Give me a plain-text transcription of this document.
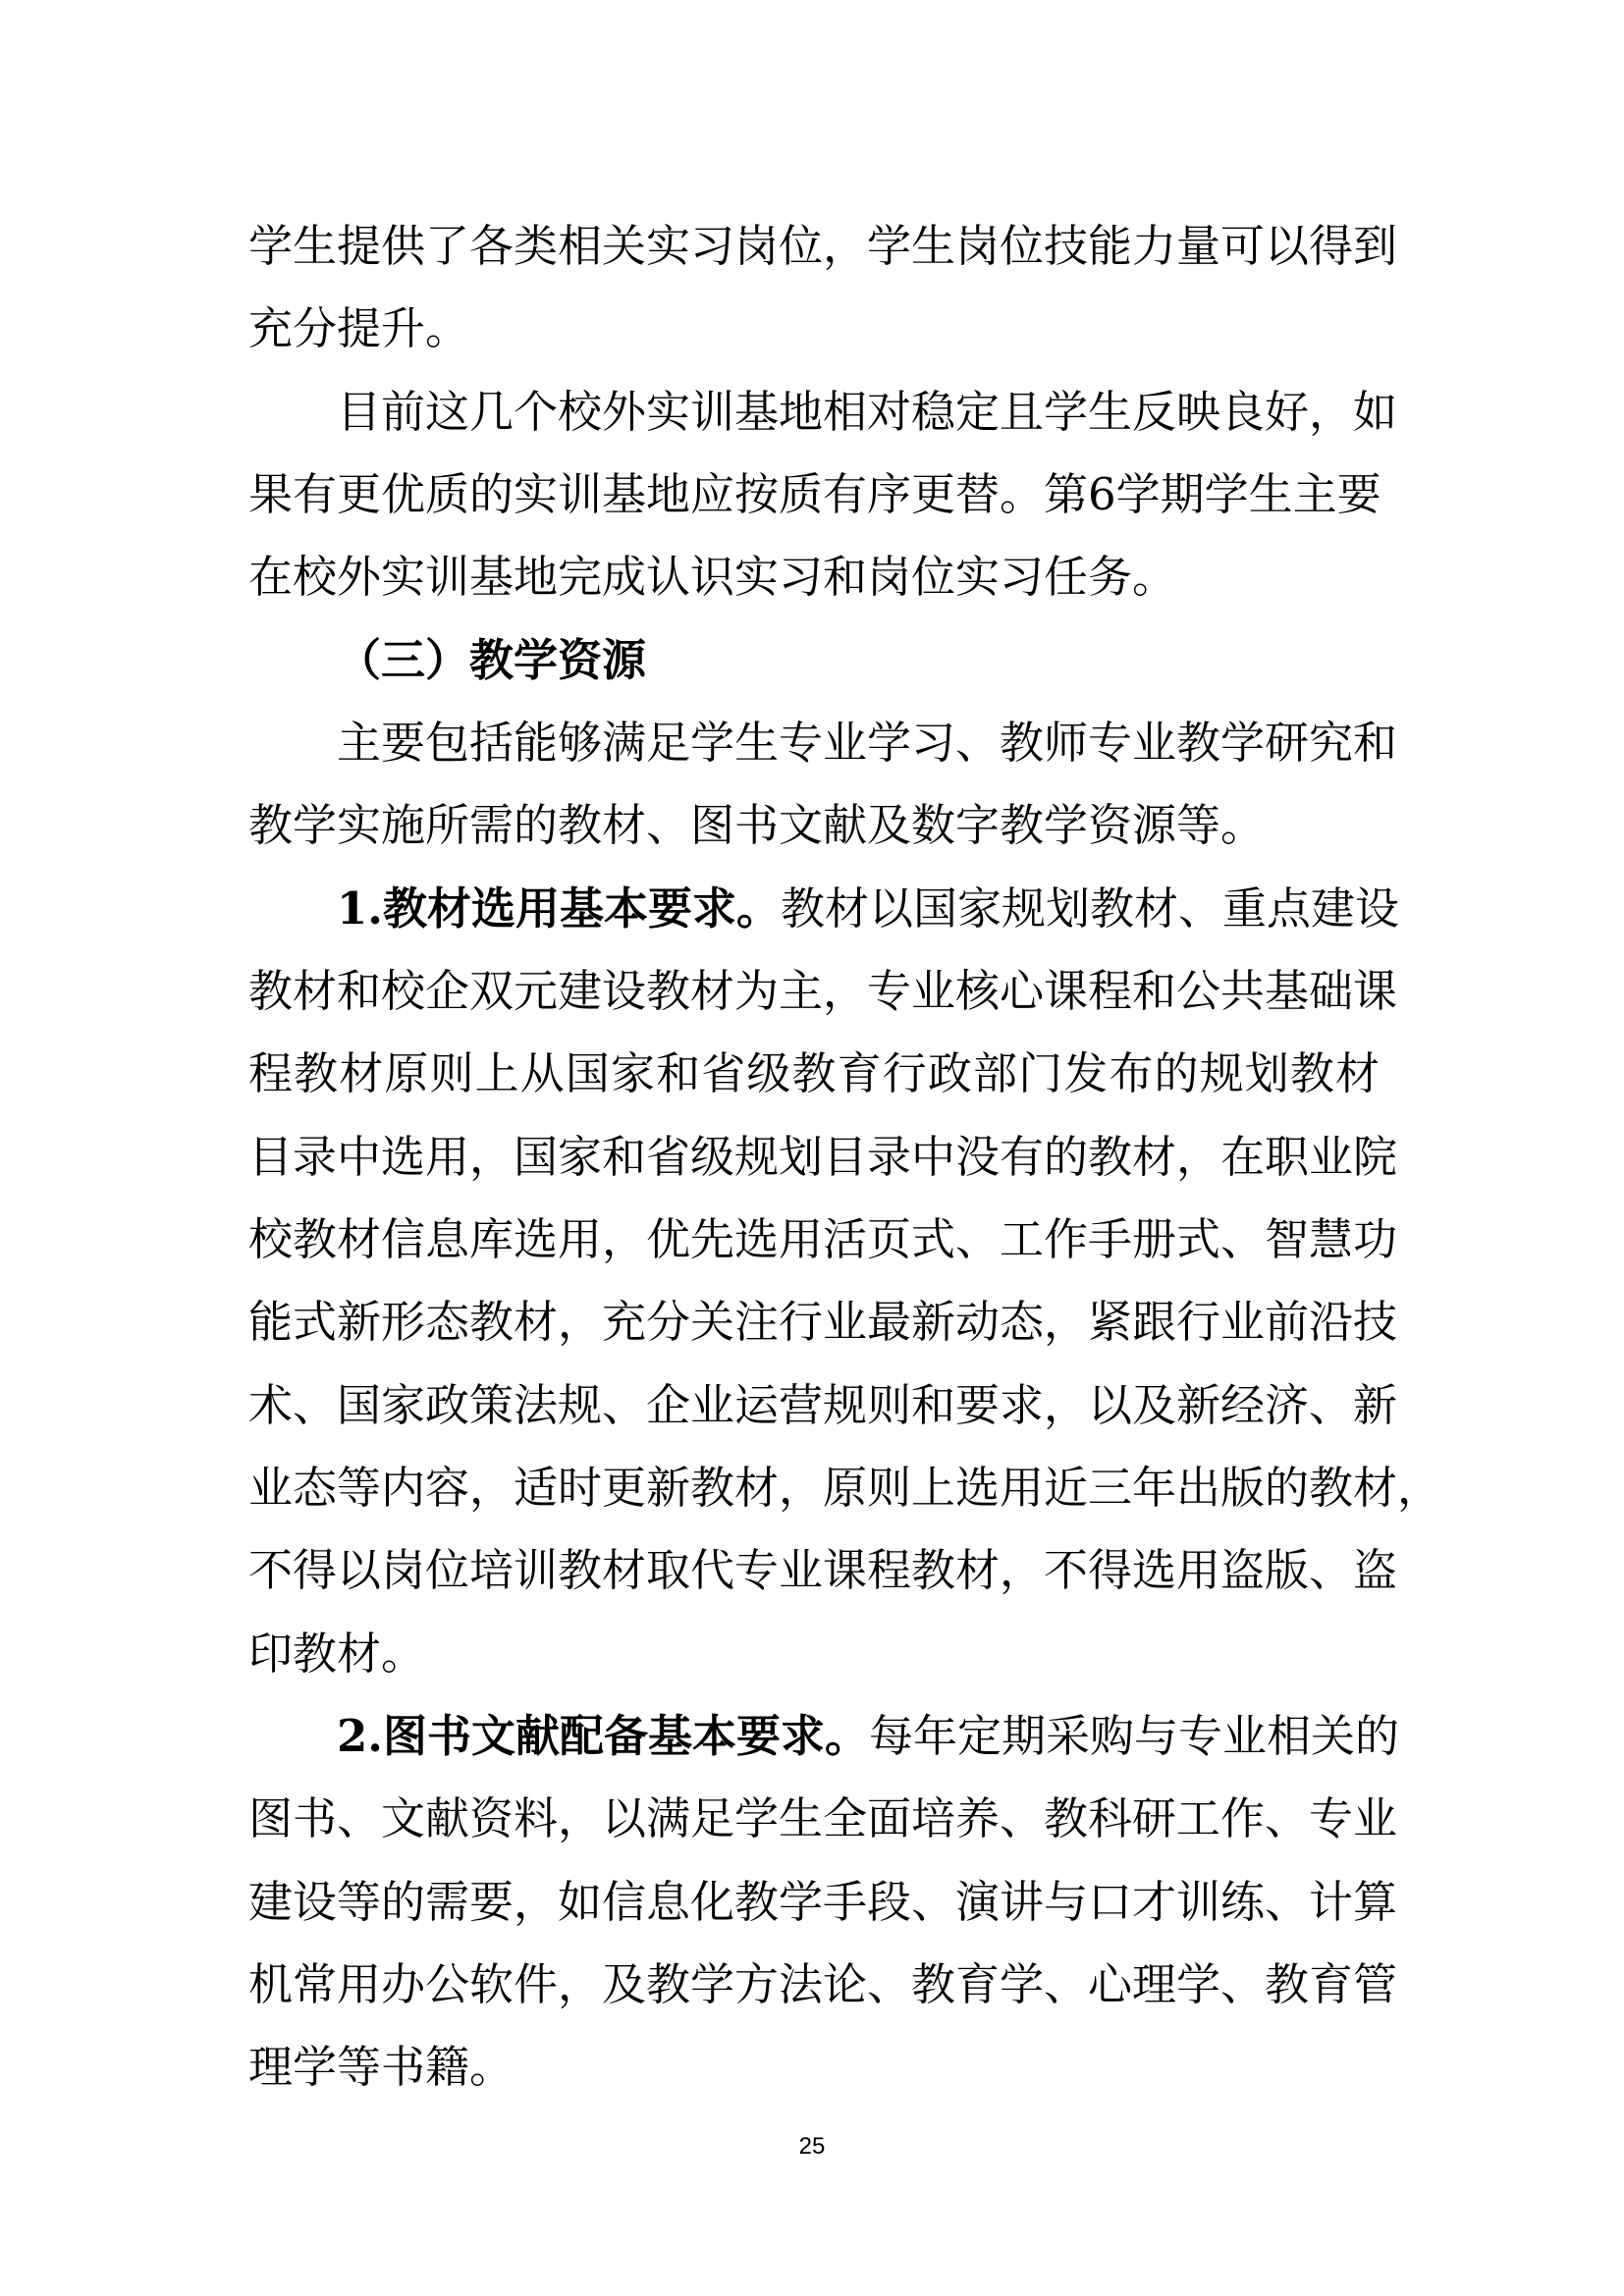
学生提供了各类相关实习岗位，学生岗位技能力量可以得到
充分提升。
目前这几个校外实训基地相对稳定且学生反映良好，如
果有更优质的实训基地应按质有序更替。第6学期学生主要
在校外实训基地完成认识实习和岗位实习任务。
（三）教学资源
主要包括能够满足学生专业学习、教师专业教学研究和
教学实施所需的教材、图书文献及数字教学资源等。
1.教材选用基本要求。教材以国家规划教材、重点建设
教材和校企双元建设教材为主，专业核心课程和公共基础课
程教材原则上从国家和省级教育行政部门发布的规划教材
目录中选用，国家和省级规划目录中没有的教材，在职业院
校教材信息库选用，优先选用活页式、工作手册式、智慧功
能式新形态教材，充分关注行业最新动态，紧跟行业前沿技
术、国家政策法规、企业运营规则和要求，以及新经济、新
业态等内容，适时更新教材，原则上选用近三年出版的教材，
不得以岗位培训教材取代专业课程教材，不得选用盗版、盗
印教材。
2.图书文献配备基本要求。每年定期采购与专业相关的
图书、文献资料，以满足学生全面培养、教科研工作、专业
建设等的需要，如信息化教学手段、演讲与口才训练、计算
机常用办公软件，及教学方法论、教育学、心理学、教育管
理学等书籍。
25
